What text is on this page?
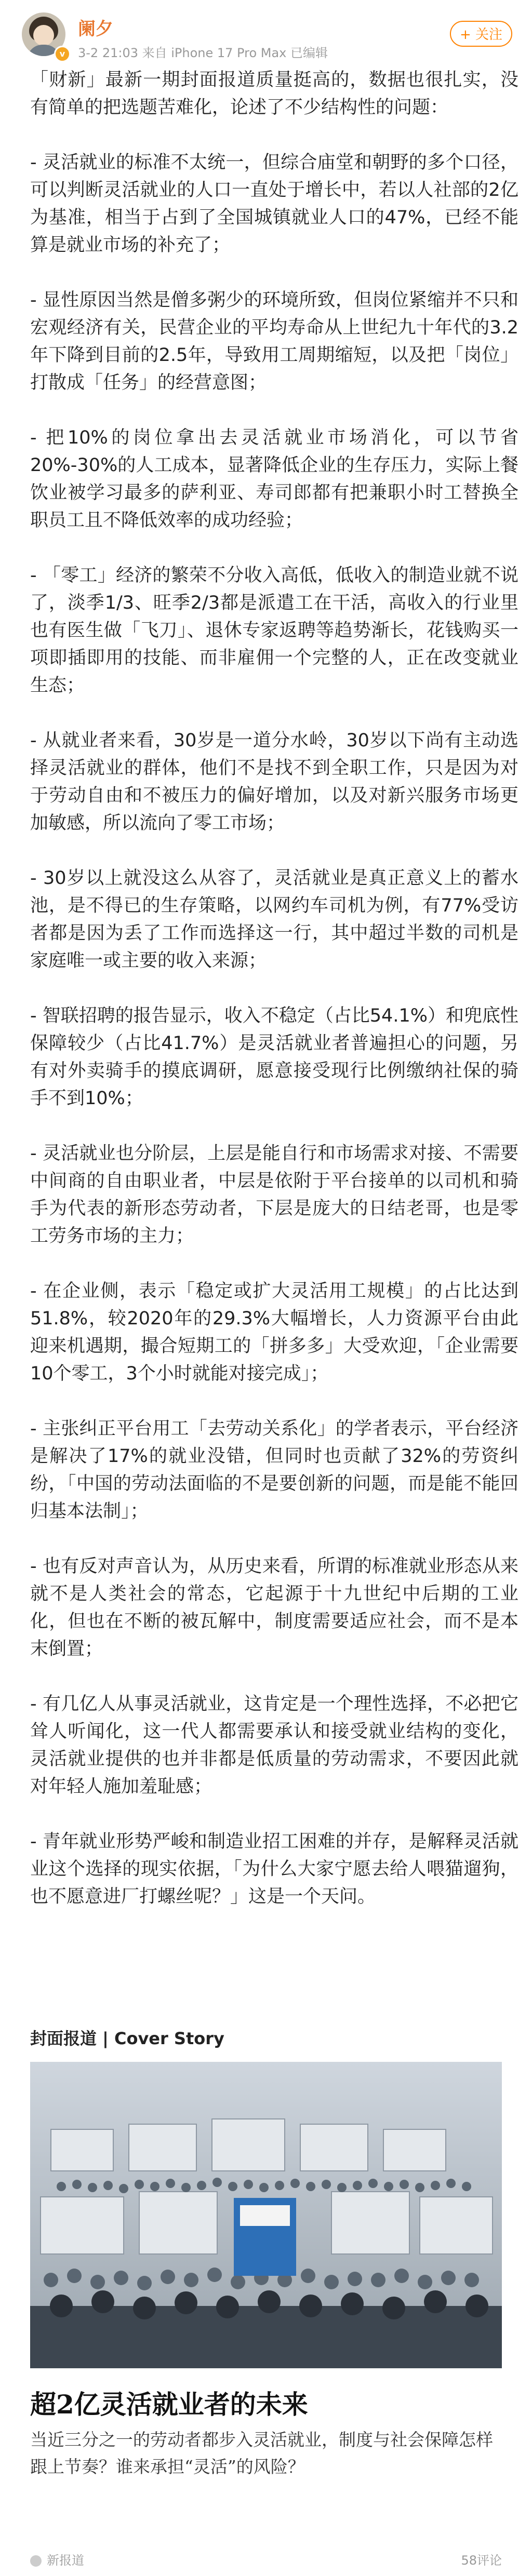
v
阑夕
3-2 21:03 来自 iPhone 17 Pro Max 已编辑
+ 关注

「财新」最新一期封面报道质量挺高的，数据也很扎实，没有简单的把选题苦难化，论述了不少结构性的问题：

- 灵活就业的标准不太统一，但综合庙堂和朝野的多个口径，可以判断灵活就业的人口一直处于增长中，若以人社部的2亿为基准，相当于占到了全国城镇就业人口的47%，已经不能算是就业市场的补充了；

- 显性原因当然是僧多粥少的环境所致，但岗位紧缩并不只和宏观经济有关，民营企业的平均寿命从上世纪九十年代的3.2年下降到目前的2.5年，导致用工周期缩短，以及把「岗位」打散成「任务」的经营意图；

- 把10%的岗位拿出去灵活就业市场消化，可以节省20%-30%的人工成本，显著降低企业的生存压力，实际上餐饮业被学习最多的萨利亚、寿司郎都有把兼职小时工替换全职员工且不降低效率的成功经验；

- 「零工」经济的繁荣不分收入高低，低收入的制造业就不说了，淡季1/3、旺季2/3都是派遣工在干活，高收入的行业里也有医生做「飞刀」、退休专家返聘等趋势渐长，花钱购买一项即插即用的技能、而非雇佣一个完整的人，正在改变就业生态；

- 从就业者来看，30岁是一道分水岭，30岁以下尚有主动选择灵活就业的群体，他们不是找不到全职工作，只是因为对于劳动自由和不被压力的偏好增加，以及对新兴服务市场更加敏感，所以流向了零工市场；

- 30岁以上就没这么从容了，灵活就业是真正意义上的蓄水池，是不得已的生存策略，以网约车司机为例，有77%受访者都是因为丢了工作而选择这一行，其中超过半数的司机是家庭唯一或主要的收入来源；

- 智联招聘的报告显示，收入不稳定（占比54.1%）和兜底性保障较少（占比41.7%）是灵活就业者普遍担心的问题，另有对外卖骑手的摸底调研，愿意接受现行比例缴纳社保的骑手不到10%；

- 灵活就业也分阶层，上层是能自行和市场需求对接、不需要中间商的自由职业者，中层是依附于平台接单的以司机和骑手为代表的新形态劳动者，下层是庞大的日结老哥，也是零工劳务市场的主力；

- 在企业侧，表示「稳定或扩大灵活用工规模」的占比达到51.8%，较2020年的29.3%大幅增长，人力资源平台由此迎来机遇期，撮合短期工的「拼多多」大受欢迎，「企业需要10个零工，3个小时就能对接完成」；

- 主张纠正平台用工「去劳动关系化」的学者表示，平台经济是解决了17%的就业没错，但同时也贡献了32%的劳资纠纷，「中国的劳动法面临的不是要创新的问题，而是能不能回归基本法制」；

- 也有反对声音认为，从历史来看，所谓的标准就业形态从来就不是人类社会的常态，它起源于十九世纪中后期的工业化，但也在不断的被瓦解中，制度需要适应社会，而不是本末倒置；

- 有几亿人从事灵活就业，这肯定是一个理性选择，不必把它耸人听闻化，这一代人都需要承认和接受就业结构的变化，灵活就业提供的也并非都是低质量的劳动需求，不要因此就对年轻人施加羞耻感；

- 青年就业形势严峻和制造业招工困难的并存，是解释灵活就业这个选择的现实依据，「为什么大家宁愿去给人喂猫遛狗，也不愿意进厂打螺丝呢？」这是一个天问。

封面报道 | Cover Story
超2亿灵活就业者的未来
当近三分之一的劳动者都步入灵活就业，制度与社会保障怎样跟上节奏？谁来承担“灵活”的风险？
新报道	58评论
